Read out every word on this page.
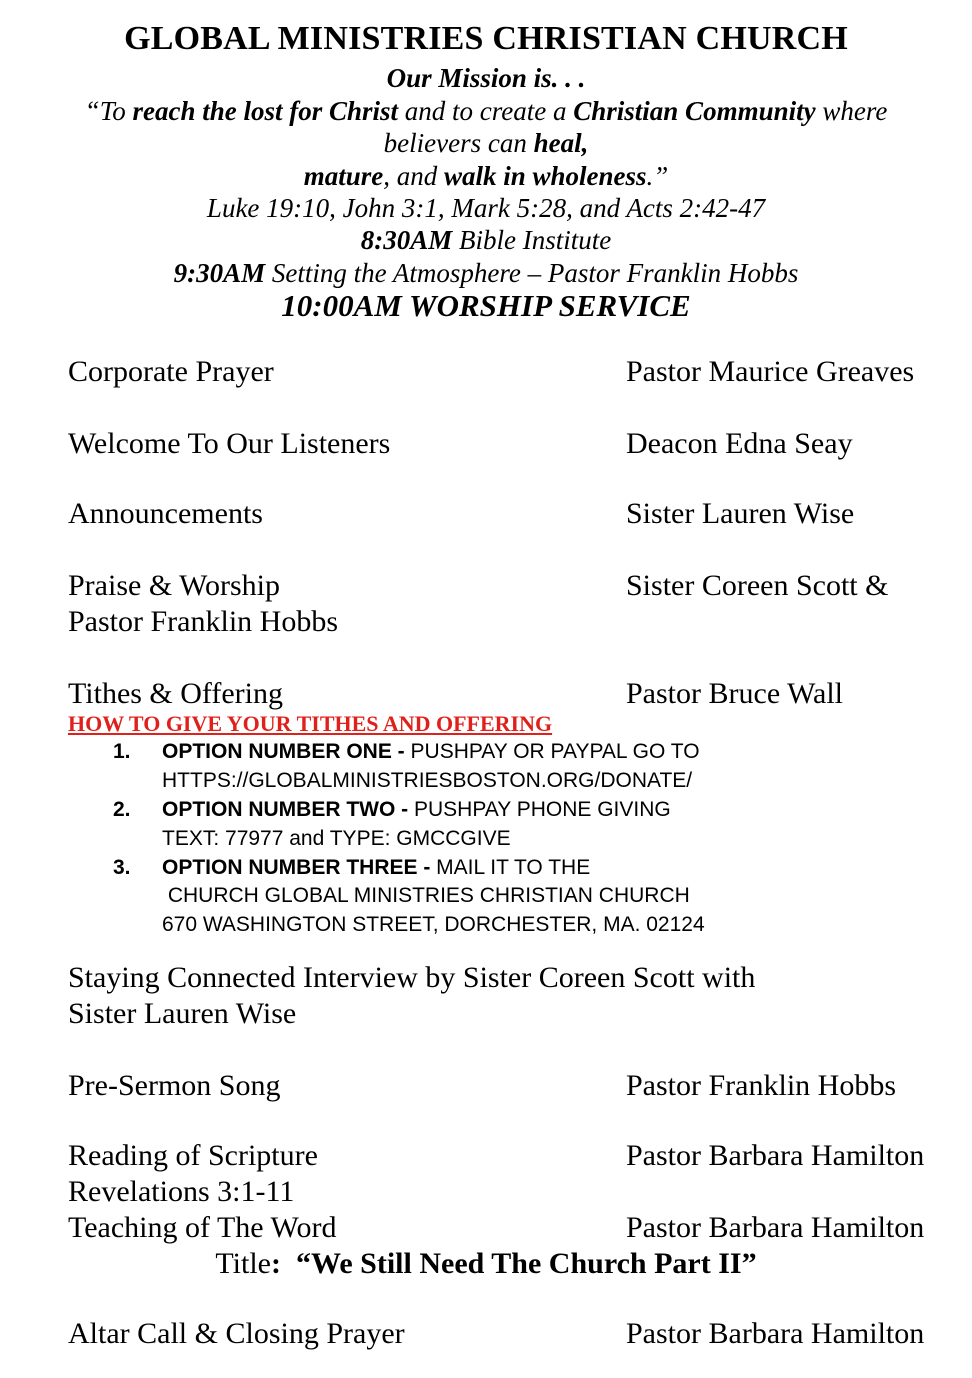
GLOBAL MINISTRIES CHRISTIAN CHURCH
Our Mission is. . .
“To reach the lost for Christ and to create a Christian Community where
believers can heal,
mature, and walk in wholeness.”
Luke 19:10, John 3:1, Mark 5:28, and Acts 2:42-47
8:30AM Bible Institute
9:30AM Setting the Atmosphere – Pastor Franklin Hobbs
10:00AM WORSHIP SERVICE
Corporate Prayer	Pastor Maurice Greaves
Welcome To Our Listeners	Deacon Edna Seay
Announcements	Sister Lauren Wise
Praise & Worship	Sister Coreen Scott &
Pastor Franklin Hobbs
Tithes & Offering	Pastor Bruce Wall
HOW TO GIVE YOUR TITHES AND OFFERING
1. OPTION NUMBER ONE - PUSHPAY OR PAYPAL GO TO
HTTPS://GLOBALMINISTRIESBOSTON.ORG/DONATE/
2. OPTION NUMBER TWO - PUSHPAY PHONE GIVING
TEXT: 77977 and TYPE: GMCCGIVE
3. OPTION NUMBER THREE - MAIL IT TO THE
CHURCH GLOBAL MINISTRIES CHRISTIAN CHURCH
670 WASHINGTON STREET, DORCHESTER, MA. 02124
Staying Connected Interview by Sister Coreen Scott with
Sister Lauren Wise
Pre-Sermon Song	Pastor Franklin Hobbs
Reading of Scripture	Pastor Barbara Hamilton
Revelations 3:1-11
Teaching of The Word	Pastor Barbara Hamilton
Title:  “We Still Need The Church Part II”
Altar Call & Closing Prayer	Pastor Barbara Hamilton
